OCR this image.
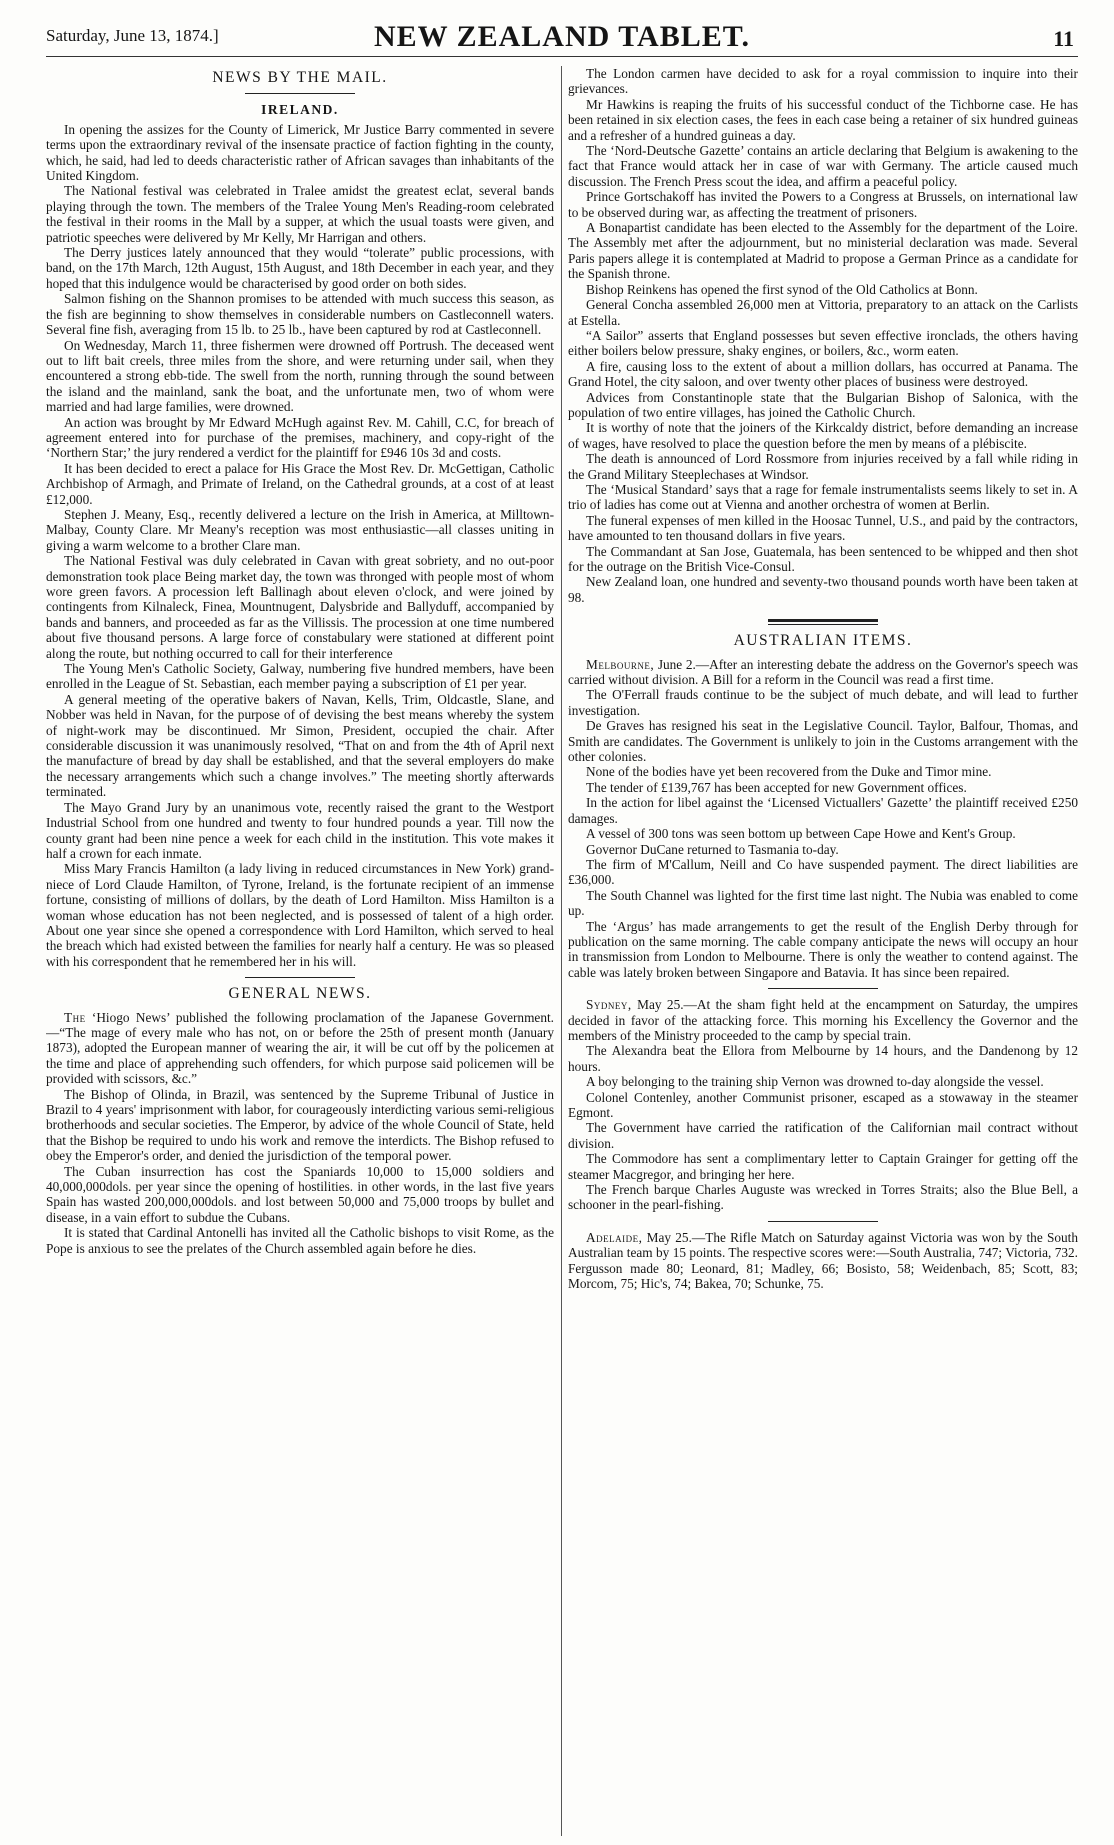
Saturday, June 13, 1874.]	NEW ZEALAND TABLET.	11
NEWS BY THE MAIL.
IRELAND.

In opening the assizes for the County of Limerick, Mr Justice Barry commented in severe terms upon the extraordinary revival of the insensate practice of faction fighting in the county, which, he said, had led to deeds characteristic rather of African savages than inhabitants of the United Kingdom.

The National festival was celebrated in Tralee amidst the greatest eclat, several bands playing through the town. The members of the Tralee Young Men's Reading-room celebrated the festival in their rooms in the Mall by a supper, at which the usual toasts were given, and patriotic speeches were delivered by Mr Kelly, Mr Harrigan and others.

The Derry justices lately announced that they would “tolerate” public processions, with band, on the 17th March, 12th August, 15th August, and 18th December in each year, and they hoped that this indulgence would be characterised by good order on both sides.

Salmon fishing on the Shannon promises to be attended with much success this season, as the fish are beginning to show themselves in considerable numbers on Castleconnell waters. Several fine fish, averaging from 15 lb. to 25 lb., have been captured by rod at Castleconnell.

On Wednesday, March 11, three fishermen were drowned off Portrush. The deceased went out to lift bait creels, three miles from the shore, and were returning under sail, when they encountered a strong ebb-tide. The swell from the north, running through the sound between the island and the mainland, sank the boat, and the unfortunate men, two of whom were married and had large families, were drowned.

An action was brought by Mr Edward McHugh against Rev. M. Cahill, C.C, for breach of agreement entered into for purchase of the premises, machinery, and copy-right of the ‘Northern Star;’ the jury rendered a verdict for the plaintiff for £946 10s 3d and costs.

It has been decided to erect a palace for His Grace the Most Rev. Dr. McGettigan, Catholic Archbishop of Armagh, and Primate of Ireland, on the Cathedral grounds, at a cost of at least £12,000.

Stephen J. Meany, Esq., recently delivered a lecture on the Irish in America, at Milltown-Malbay, County Clare. Mr Meany's reception was most enthusiastic—all classes uniting in giving a warm welcome to a brother Clare man.

The National Festival was duly celebrated in Cavan with great sobriety, and no out-poor demonstration took place Being market day, the town was thronged with people most of whom wore green favors. A procession left Ballinagh about eleven o'clock, and were joined by contingents from Kilnaleck, Finea, Mountnugent, Dalysbride and Ballyduff, accompanied by bands and banners, and proceeded as far as the Villissis. The procession at one time numbered about five thousand persons. A large force of constabulary were stationed at different point along the route, but nothing occurred to call for their interference

The Young Men's Catholic Society, Galway, numbering five hundred members, have been enrolled in the League of St. Sebastian, each member paying a subscription of £1 per year.

A general meeting of the operative bakers of Navan, Kells, Trim, Oldcastle, Slane, and Nobber was held in Navan, for the purpose of of devising the best means whereby the system of night-work may be discontinued. Mr Simon, President, occupied the chair. After considerable discussion it was unanimously resolved, “That on and from the 4th of April next the manufacture of bread by day shall be established, and that the several employers do make the necessary arrangements which such a change involves.” The meeting shortly afterwards terminated.

The Mayo Grand Jury by an unanimous vote, recently raised the grant to the Westport Industrial School from one hundred and twenty to four hundred pounds a year. Till now the county grant had been nine pence a week for each child in the institution. This vote makes it half a crown for each inmate.

Miss Mary Francis Hamilton (a lady living in reduced circumstances in New York) grand-niece of Lord Claude Hamilton, of Tyrone, Ireland, is the fortunate recipient of an immense fortune, consisting of millions of dollars, by the death of Lord Hamilton. Miss Hamilton is a woman whose education has not been neglected, and is possessed of talent of a high order. About one year since she opened a correspondence with Lord Hamilton, which served to heal the breach which had existed between the families for nearly half a century. He was so pleased with his correspondent that he remembered her in his will.

GENERAL NEWS.

The ‘Hiogo News’ published the following proclamation of the Japanese Government.—“The mage of every male who has not, on or before the 25th of present month (January 1873), adopted the European manner of wearing the air, it will be cut off by the policemen at the time and place of apprehending such offenders, for which purpose said policemen will be provided with scissors, &c.”

The Bishop of Olinda, in Brazil, was sentenced by the Supreme Tribunal of Justice in Brazil to 4 years' imprisonment with labor, for courageously interdicting various semi-religious brotherhoods and secular societies. The Emperor, by advice of the whole Council of State, held that the Bishop be required to undo his work and remove the interdicts. The Bishop refused to obey the Emperor's order, and denied the jurisdiction of the temporal power.

The Cuban insurrection has cost the Spaniards 10,000 to 15,000 soldiers and 40,000,000dols. per year since the opening of hostilities. in other words, in the last five years Spain has wasted 200,000,000dols. and lost between 50,000 and 75,000 troops by bullet and disease, in a vain effort to subdue the Cubans.

It is stated that Cardinal Antonelli has invited all the Catholic bishops to visit Rome, as the Pope is anxious to see the prelates of the Church assembled again before he dies.

The London carmen have decided to ask for a royal commission to inquire into their grievances.

Mr Hawkins is reaping the fruits of his successful conduct of the Tichborne case. He has been retained in six election cases, the fees in each case being a retainer of six hundred guineas and a refresher of a hundred guineas a day.

The ‘Nord-Deutsche Gazette’ contains an article declaring that Belgium is awakening to the fact that France would attack her in case of war with Germany. The article caused much discussion. The French Press scout the idea, and affirm a peaceful policy.

Prince Gortschakoff has invited the Powers to a Congress at Brussels, on international law to be observed during war, as affecting the treatment of prisoners.

A Bonapartist candidate has been elected to the Assembly for the department of the Loire. The Assembly met after the adjournment, but no ministerial declaration was made. Several Paris papers allege it is contemplated at Madrid to propose a German Prince as a candidate for the Spanish throne.

Bishop Reinkens has opened the first synod of the Old Catholics at Bonn.

General Concha assembled 26,000 men at Vittoria, preparatory to an attack on the Carlists at Estella.

“A Sailor” asserts that England possesses but seven effective ironclads, the others having either boilers below pressure, shaky engines, or boilers, &c., worm eaten.

A fire, causing loss to the extent of about a million dollars, has occurred at Panama. The Grand Hotel, the city saloon, and over twenty other places of business were destroyed.

Advices from Constantinople state that the Bulgarian Bishop of Salonica, with the population of two entire villages, has joined the Catholic Church.

It is worthy of note that the joiners of the Kirkcaldy district, before demanding an increase of wages, have resolved to place the question before the men by means of a plébiscite.

The death is announced of Lord Rossmore from injuries received by a fall while riding in the Grand Military Steeplechases at Windsor.

The ‘Musical Standard’ says that a rage for female instrumentalists seems likely to set in. A trio of ladies has come out at Vienna and another orchestra of women at Berlin.

The funeral expenses of men killed in the Hoosac Tunnel, U.S., and paid by the contractors, have amounted to ten thousand dollars in five years.

The Commandant at San Jose, Guatemala, has been sentenced to be whipped and then shot for the outrage on the British Vice-Consul.

New Zealand loan, one hundred and seventy-two thousand pounds worth have been taken at 98.

AUSTRALIAN ITEMS.

Melbourne, June 2.—After an interesting debate the address on the Governor's speech was carried without division. A Bill for a reform in the Council was read a first time.

The O'Ferrall frauds continue to be the subject of much debate, and will lead to further investigation.

De Graves has resigned his seat in the Legislative Council. Taylor, Balfour, Thomas, and Smith are candidates. The Government is unlikely to join in the Customs arrangement with the other colonies.

None of the bodies have yet been recovered from the Duke and Timor mine.

The tender of £139,767 has been accepted for new Government offices.

In the action for libel against the ‘Licensed Victuallers' Gazette’ the plaintiff received £250 damages.

A vessel of 300 tons was seen bottom up between Cape Howe and Kent's Group.

Governor DuCane returned to Tasmania to-day.

The firm of M'Callum, Neill and Co have suspended payment. The direct liabilities are £36,000.

The South Channel was lighted for the first time last night. The Nubia was enabled to come up.

The ‘Argus’ has made arrangements to get the result of the English Derby through for publication on the same morning. The cable company anticipate the news will occupy an hour in transmission from London to Melbourne. There is only the weather to contend against. The cable was lately broken between Singapore and Batavia. It has since been repaired.

Sydney, May 25.—At the sham fight held at the encampment on Saturday, the umpires decided in favor of the attacking force. This morning his Excellency the Governor and the members of the Ministry proceeded to the camp by special train.

The Alexandra beat the Ellora from Melbourne by 14 hours, and the Dandenong by 12 hours.

A boy belonging to the training ship Vernon was drowned to-day alongside the vessel.

Colonel Contenley, another Communist prisoner, escaped as a stowaway in the steamer Egmont.

The Government have carried the ratification of the Californian mail contract without division.

The Commodore has sent a complimentary letter to Captain Grainger for getting off the steamer Macgregor, and bringing her here.

The French barque Charles Auguste was wrecked in Torres Straits; also the Blue Bell, a schooner in the pearl-fishing.

Adelaide, May 25.—The Rifle Match on Saturday against Victoria was won by the South Australian team by 15 points. The respective scores were:—South Australia, 747; Victoria, 732. Fergusson made 80; Leonard, 81; Madley, 66; Bosisto, 58; Weidenbach, 85; Scott, 83; Morcom, 75; Hic's, 74; Bakea, 70; Schunke, 75.
